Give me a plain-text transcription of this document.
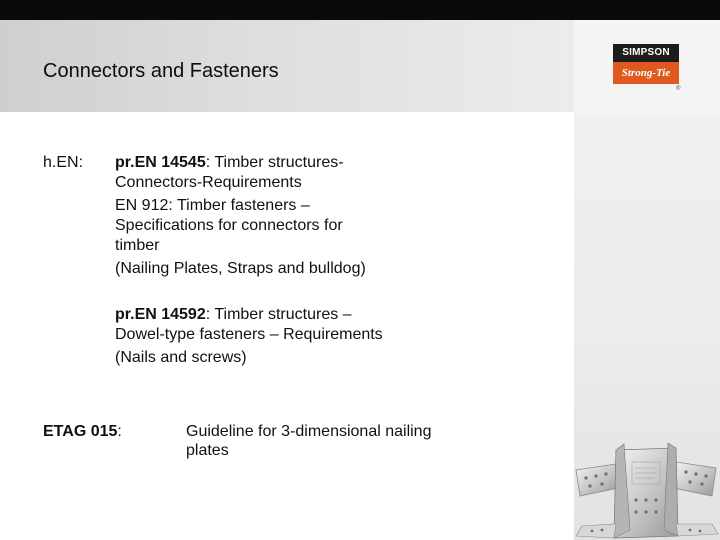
Connectors and Fasteners
SIMPSON
Strong-Tie
®

h.EN: pr.EN 14545: Timber structures-

Connectors-Requirements

EN 912: Timber fasteners –

Specifications for connectors for

timber

(Nailing Plates, Straps and bulldog)

pr.EN 14592: Timber structures –

Dowel-type fasteners – Requirements

(Nails and screws)

ETAG 015:	Guideline for 3-dimensional nailing

plates
